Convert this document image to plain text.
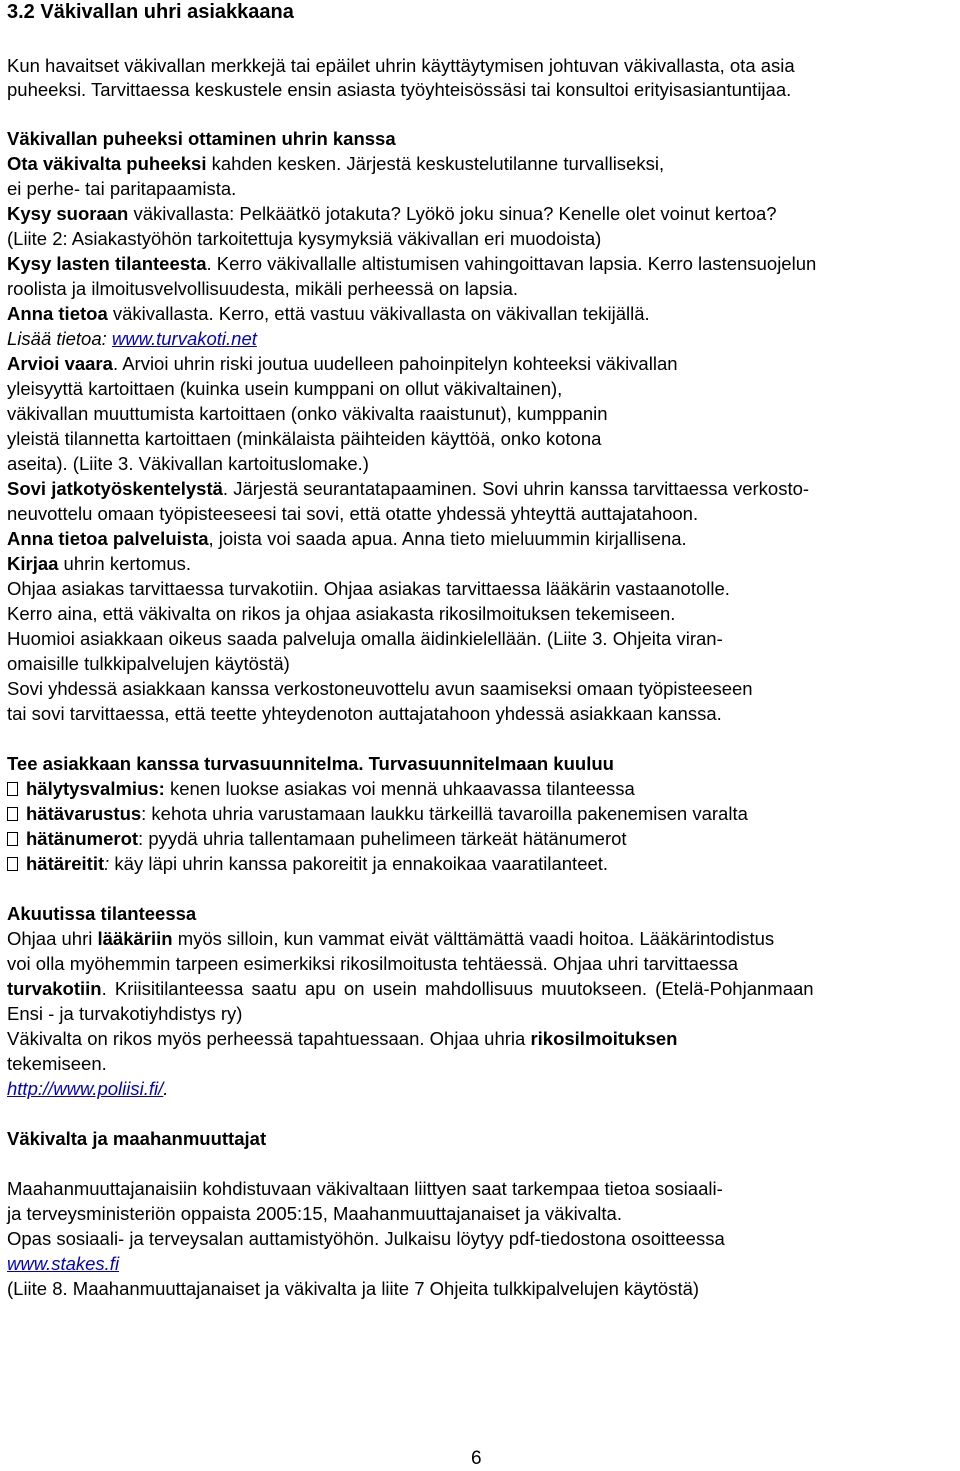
3.2 Väkivallan uhri asiakkaana
Kun havaitset väkivallan merkkejä tai epäilet uhrin käyttäytymisen johtuvan väkivallasta, ota asia
puheeksi. Tarvittaessa keskustele ensin asiasta työyhteisössäsi tai konsultoi erityisasiantuntijaa.
Väkivallan puheeksi ottaminen uhrin kanssa
Ota väkivalta puheeksi kahden kesken. Järjestä keskustelutilanne turvalliseksi,
ei perhe- tai paritapaamista.
Kysy suoraan väkivallasta: Pelkäätkö jotakuta? Lyökö joku sinua? Kenelle olet voinut kertoa?
(Liite 2: Asiakastyöhön tarkoitettuja kysymyksiä väkivallan eri muodoista)
Kysy lasten tilanteesta. Kerro väkivallalle altistumisen vahingoittavan lapsia. Kerro lastensuojelun
roolista ja ilmoitusvelvollisuudesta, mikäli perheessä on lapsia.
Anna tietoa väkivallasta. Kerro, että vastuu väkivallasta on väkivallan tekijällä.
Lisää tietoa: www.turvakoti.net
Arvioi vaara. Arvioi uhrin riski joutua uudelleen pahoinpitelyn kohteeksi väkivallan
yleisyyttä kartoittaen (kuinka usein kumppani on ollut väkivaltainen),
väkivallan muuttumista kartoittaen (onko väkivalta raaistunut), kumppanin
yleistä tilannetta kartoittaen (minkälaista päihteiden käyttöä, onko kotona
aseita). (Liite 3. Väkivallan kartoituslomake.)
Sovi jatkotyöskentelystä. Järjestä seurantatapaaminen. Sovi uhrin kanssa tarvittaessa verkosto-
neuvottelu omaan työpisteeseesi tai sovi, että otatte yhdessä yhteyttä auttajatahoon.
Anna tietoa palveluista, joista voi saada apua. Anna tieto mieluummin kirjallisena.
Kirjaa uhrin kertomus.
Ohjaa asiakas tarvittaessa turvakotiin. Ohjaa asiakas tarvittaessa lääkärin vastaanotolle.
Kerro aina, että väkivalta on rikos ja ohjaa asiakasta rikosilmoituksen tekemiseen.
Huomioi asiakkaan oikeus saada palveluja omalla äidinkielellään. (Liite 3. Ohjeita viran-
omaisille tulkkipalvelujen käytöstä)
Sovi yhdessä asiakkaan kanssa verkostoneuvottelu avun saamiseksi omaan työpisteeseen
tai sovi tarvittaessa, että teette yhteydenoton auttajatahoon yhdessä asiakkaan kanssa.
Tee asiakkaan kanssa turvasuunnitelma. Turvasuunnitelmaan kuuluu
hälytysvalmius: kenen luokse asiakas voi mennä uhkaavassa tilanteessa
hätävarustus: kehota uhria varustamaan laukku tärkeillä tavaroilla pakenemisen varalta
hätänumerot: pyydä uhria tallentamaan puhelimeen tärkeät hätänumerot
hätäreitit: käy läpi uhrin kanssa pakoreitit ja ennakoikaa vaaratilanteet.
Akuutissa tilanteessa
Ohjaa uhri lääkäriin myös silloin, kun vammat eivät välttämättä vaadi hoitoa. Lääkärintodistus
voi olla myöhemmin tarpeen esimerkiksi rikosilmoitusta tehtäessä. Ohjaa uhri tarvittaessa
turvakotiin. Kriisitilanteessa saatu apu on usein mahdollisuus muutokseen. (Etelä-Pohjanmaan
Ensi - ja turvakotiyhdistys ry)
Väkivalta on rikos myös perheessä tapahtuessaan. Ohjaa uhria rikosilmoituksen
tekemiseen.
http://www.poliisi.fi/.
Väkivalta ja maahanmuuttajat
Maahanmuuttajanaisiin kohdistuvaan väkivaltaan liittyen saat tarkempaa tietoa sosiaali-
ja terveysministeriön oppaista 2005:15, Maahanmuuttajanaiset ja väkivalta.
Opas sosiaali- ja terveysalan auttamistyöhön. Julkaisu löytyy pdf-tiedostona osoitteessa
www.stakes.fi
(Liite 8. Maahanmuuttajanaiset ja väkivalta ja liite 7 Ohjeita tulkkipalvelujen käytöstä)
6
